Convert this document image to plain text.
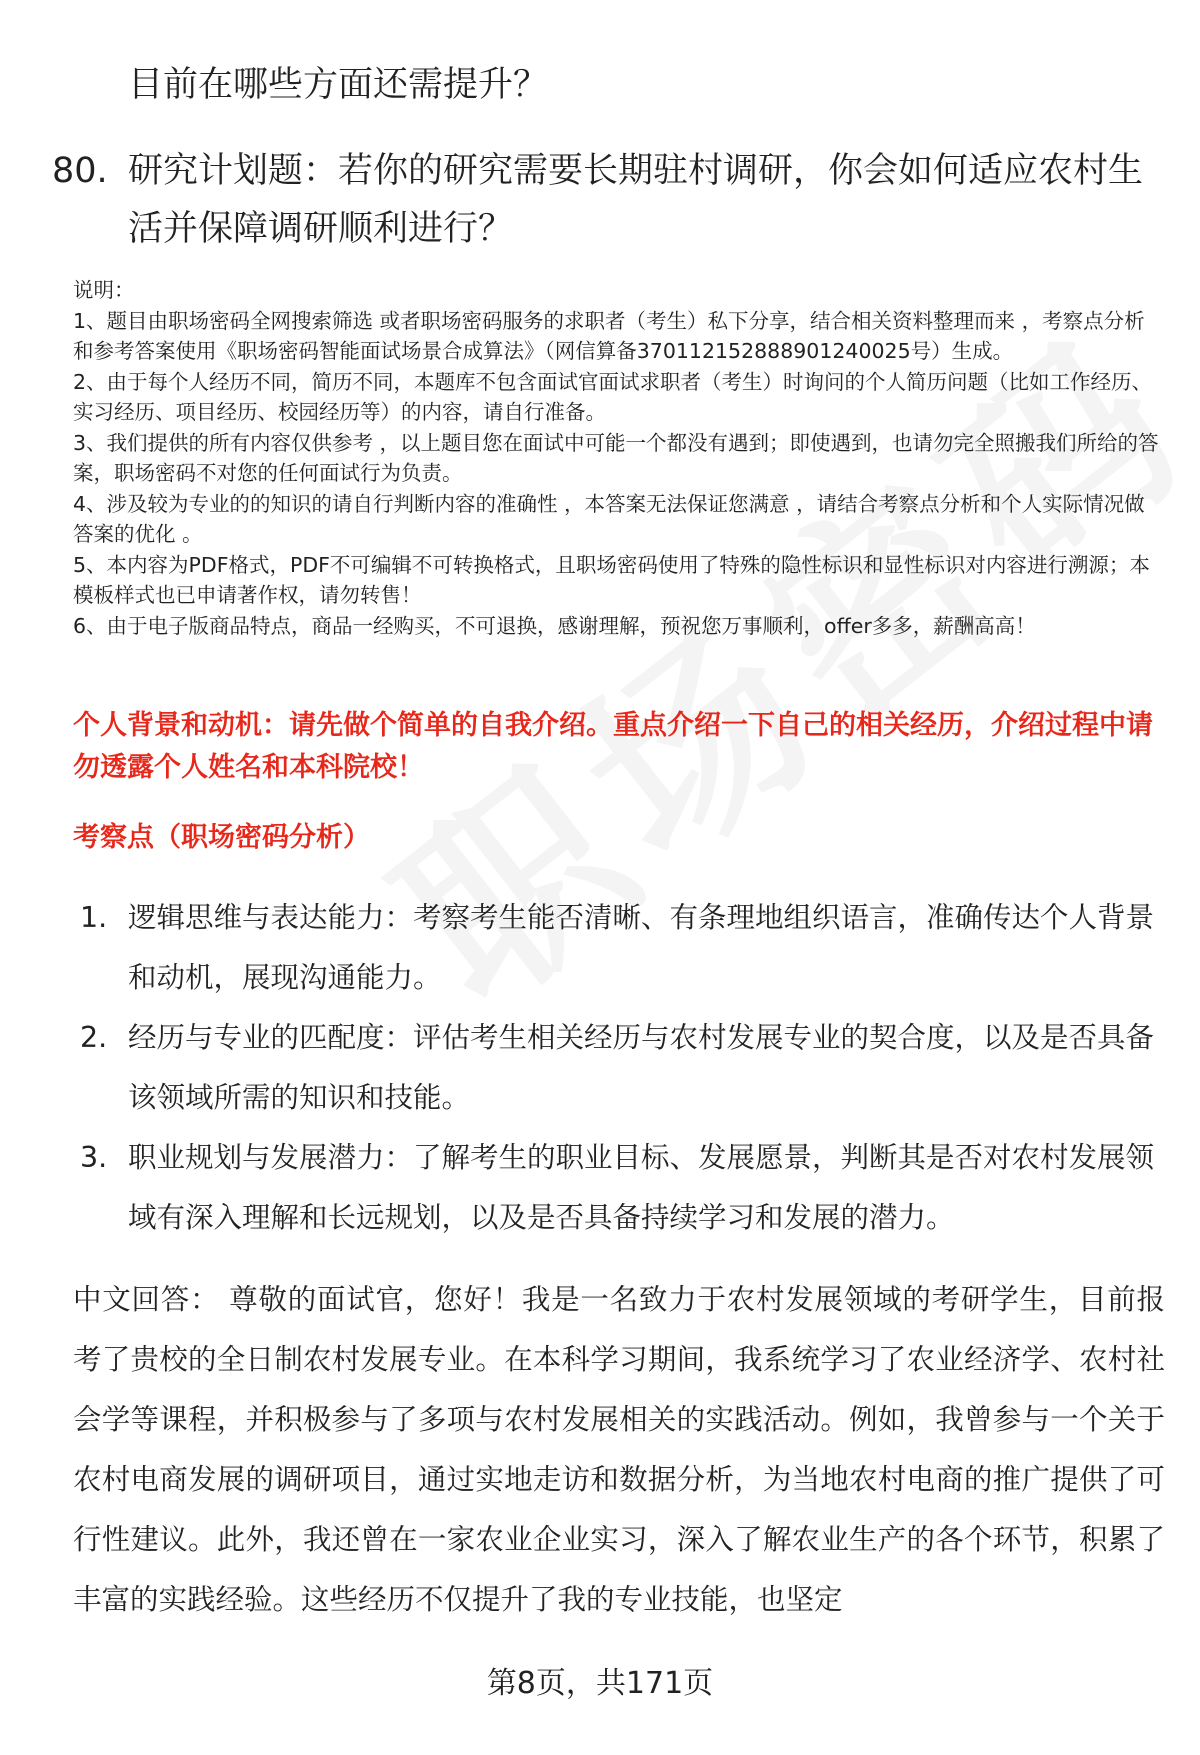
目前在哪些方面还需提升？
80. 研究计划题：若你的研究需要长期驻村调研，你会如何适应农村生活并保障调研顺利进行？
说明：
1、题目由职场密码全网搜索筛选 或者职场密码服务的求职者（考生）私下分享，结合相关资料整理而来 ，考察点分析和参考答案使用《职场密码智能面试场景合成算法》（网信算备370112152888901240025号）生成。
2、由于每个人经历不同，简历不同，本题库不包含面试官面试求职者（考生）时询问的个人简历问题（比如工作经历、实习经历、项目经历、校园经历等）的内容，请自行准备。
3、我们提供的所有内容仅供参考 ，以上题目您在面试中可能一个都没有遇到；即使遇到，也请勿完全照搬我们所给的答案，职场密码不对您的任何面试行为负责。
4、涉及较为专业的的知识的请自行判断内容的准确性 ，本答案无法保证您满意 ，请结合考察点分析和个人实际情况做答案的优化 。
5、本内容为PDF格式，PDF不可编辑不可转换格式，且职场密码使用了特殊的隐性标识和显性标识对内容进行溯源；本模板样式也已申请著作权，请勿转售！
6、由于电子版商品特点，商品一经购买，不可退换，感谢理解，预祝您万事顺利，offer多多，薪酬高高！
个人背景和动机：请先做个简单的自我介绍。重点介绍一下自己的相关经历，介绍过程中请勿透露个人姓名和本科院校！
考察点（职场密码分析）
1. 逻辑思维与表达能力：考察考生能否清晰、有条理地组织语言，准确传达个人背景和动机，展现沟通能力。
2. 经历与专业的匹配度：评估考生相关经历与农村发展专业的契合度，以及是否具备该领域所需的知识和技能。
3. 职业规划与发展潜力：了解考生的职业目标、发展愿景，判断其是否对农村发展领域有深入理解和长远规划，以及是否具备持续学习和发展的潜力。
中文回答： 尊敬的面试官，您好！我是一名致力于农村发展领域的考研学生，目前报考了贵校的全日制农村发展专业。在本科学习期间，我系统学习了农业经济学、农村社会学等课程，并积极参与了多项与农村发展相关的实践活动。例如，我曾参与一个关于农村电商发展的调研项目，通过实地走访和数据分析，为当地农村电商的推广提供了可行性建议。此外，我还曾在一家农业企业实习，深入了解农业生产的各个环节，积累了丰富的实践经验。这些经历不仅提升了我的专业技能，也坚定
第8页，共171页
